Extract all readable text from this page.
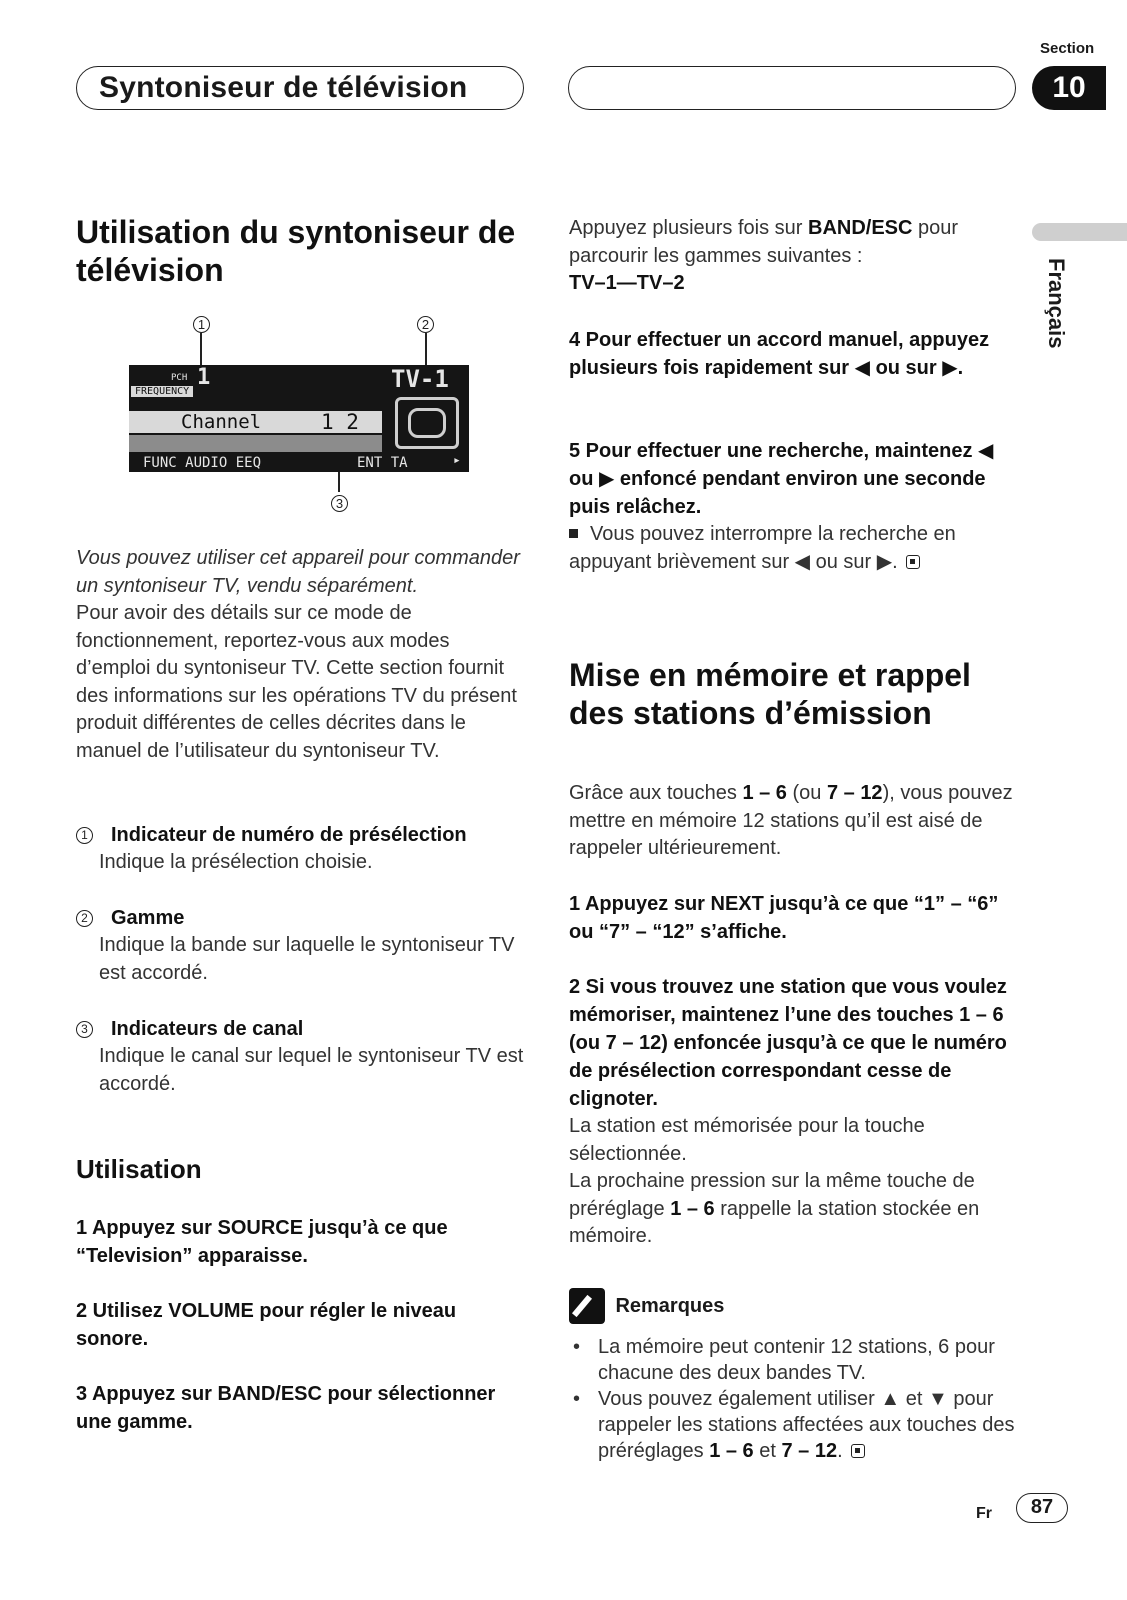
Section
Syntoniseur de télévision	10
Français
Utilisation du syntoniseur de télévision
1	2
PCH 1
FREQUENCY	TV-1
Channel	1 2
FUNC AUDIO EEQ	ENT TA	▸
3

Vous pouvez utiliser cet appareil pour commander un syntoniseur TV, vendu séparément.

Pour avoir des détails sur ce mode de fonctionnement, reportez-vous aux modes d’emploi du syntoniseur TV. Cette section fournit des informations sur les opérations TV du présent produit différentes de celles décrites dans le manuel de l’utilisateur du syntoniseur TV.

1 Indicateur de numéro de présélection

Indique la présélection choisie.

2 Gamme

Indique la bande sur laquelle le syntoniseur TV est accordé.

3 Indicateurs de canal

Indique le canal sur lequel le syntoniseur TV est accordé.

Utilisation

1 Appuyez sur SOURCE jusqu’à ce que “Television” apparaisse.

2 Utilisez VOLUME pour régler le niveau sonore.

3 Appuyez sur BAND/ESC pour sélectionner une gamme.

Appuyez plusieurs fois sur BAND/ESC pour parcourir les gammes suivantes :
TV–1—TV–2

4 Pour effectuer un accord manuel, appuyez plusieurs fois rapidement sur ◀ ou sur ▶.

5 Pour effectuer une recherche, maintenez ◀ ou ▶ enfoncé pendant environ une seconde puis relâchez.

Vous pouvez interrompre la recherche en appuyant brièvement sur ◀ ou sur ▶.

Mise en mémoire et rappel des stations d’émission

Grâce aux touches 1 – 6 (ou 7 – 12), vous pouvez mettre en mémoire 12 stations qu’il est aisé de rappeler ultérieurement.

1 Appuyez sur NEXT jusqu’à ce que “1” – “6” ou “7” – “12” s’affiche.

2 Si vous trouvez une station que vous voulez mémoriser, maintenez l’une des touches 1 – 6 (ou 7 – 12) enfoncée jusqu’à ce que le numéro de présélection correspondant cesse de clignoter.

La station est mémorisée pour la touche sélectionnée.

La prochaine pression sur la même touche de préréglage 1 – 6 rappelle la station stockée en mémoire.

Remarques
• La mémoire peut contenir 12 stations, 6 pour chacune des deux bandes TV.
• Vous pouvez également utiliser ▲ et ▼ pour rappeler les stations affectées aux touches des préréglages 1 – 6 et 7 – 12.
Fr	87
